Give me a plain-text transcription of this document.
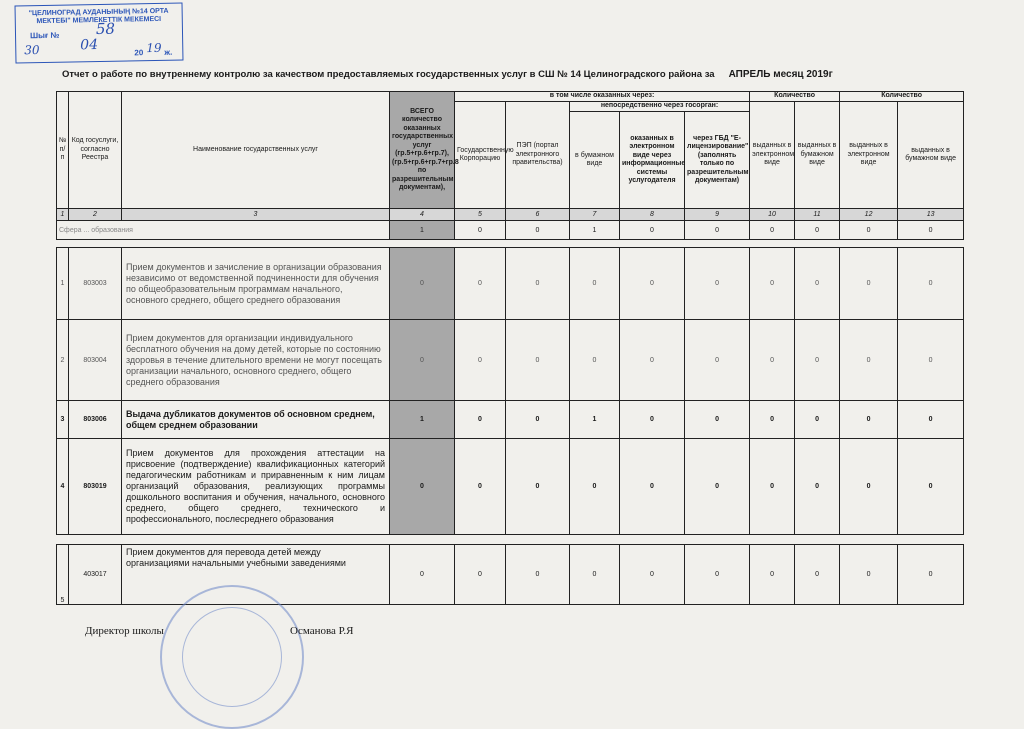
"ЦЕЛИНОГРАД АУДАНЫНЫҢ №14 ОРТА
МЕКТЕБІ" МЕМЛЕКЕТТІК МЕКЕМЕСІ
Шығ № 58
30	04	20 19 ж.
Отчет о работе по внутреннему контролю за качеством предоставляемых государственных услуг в СШ № 14 Целиноградского района за АПРЕЛЬ месяц 2019г
№ п/п	Код госуслуги, согласно Реестра	Наименование государственных услуг	ВСЕГО количество оказанных государственных услуг (гр.5+гр.6+гр.7), (гр.5+гр.6+гр.7+гр.8 по разрешительным документам),	в том числе оказанных через:					Количество		Количество	
				Государственную Корпорацию	ПЭП (портал электронного правительства)	непосредственно через госорган:			выданных в электронном виде	выданных в бумажном виде	выданных в электронном виде	выданных в бумажном виде
						в бумажном виде	оказанных в электронном виде через информационные системы услугодателя	через ГБД "Е-лицензирование" (заполнять только по разрешительным документам)				
1	2	3	4	5	6	7	8	9	10	11	12	13
Сфера ... образования			1	0	0	1	0	0	0	0	0	0

1	803003	Прием документов и зачисление в организации образования независимо от ведомственной подчиненности для обучения по общеобразовательным программам начального, основного среднего, общего среднего образования	0	0	0	0	0	0	0	0	0	0
2	803004	Прием документов для организации индивидуального бесплатного обучения на дому детей, которые по состоянию здоровья в течение длительного времени не могут посещать организации начального, основного среднего, общего среднего образования	0	0	0	0	0	0	0	0	0	0
3	803006	Выдача дубликатов документов об основном среднем, общем среднем образовании	1	0	0	1	0	0	0	0	0	0
4	803019	Прием документов для прохождения аттестации на присвоение (подтверждение) квалификационных категорий педагогическим работникам и приравненным к ним лицам организаций образования, реализующих программы дошкольного воспитания и обучения, начального, основного среднего, общего среднего, технического и профессионального, послесреднего образования	0	0	0	0	0	0	0	0	0	0

5	403017	Прием документов для перевода детей между организациями начальными учебными заведениями	0	0	0	0	0	0	0	0	0	0
Директор школы	Османова Р.Я
